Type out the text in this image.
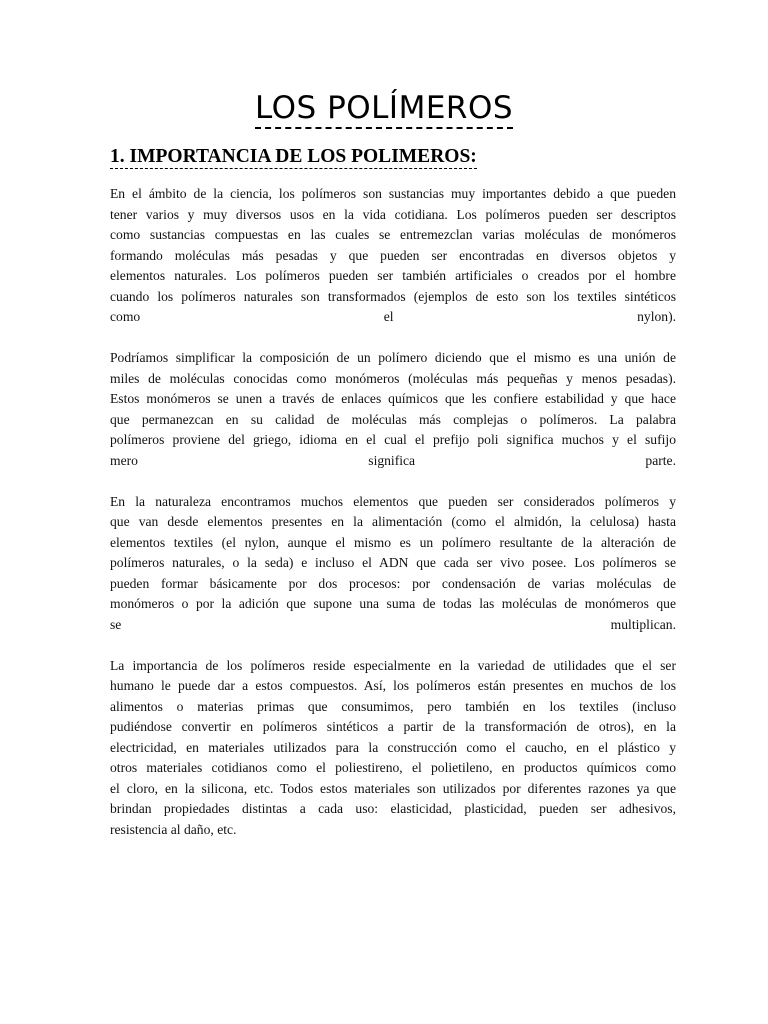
LOS POLÍMEROS
1. IMPORTANCIA DE LOS POLIMEROS:

En el ámbito de la ciencia, los polímeros son sustancias muy importantes debido a que pueden
tener varios y muy diversos usos en la vida cotidiana. Los polímeros pueden ser descriptos
como sustancias compuestas en las cuales se entremezclan varias moléculas de monómeros
formando moléculas más pesadas y que pueden ser encontradas en diversos objetos y
elementos naturales. Los polímeros pueden ser también artificiales o creados por el hombre
cuando los polímeros naturales son transformados (ejemplos de esto son los textiles sintéticos
como el nylon).

Podríamos simplificar la composición de un polímero diciendo que el mismo es una unión de
miles de moléculas conocidas como monómeros (moléculas más pequeñas y menos pesadas).
Estos monómeros se unen a través de enlaces químicos que les confiere estabilidad y que hace
que permanezcan en su calidad de moléculas más complejas o polímeros. La palabra
polímeros proviene del griego, idioma en el cual el prefijo poli significa muchos y el sufijo
mero significa parte.

En la naturaleza encontramos muchos elementos que pueden ser considerados polímeros y
que van desde elementos presentes en la alimentación (como el almidón, la celulosa) hasta
elementos textiles (el nylon, aunque el mismo es un polímero resultante de la alteración de
polímeros naturales, o la seda) e incluso el ADN que cada ser vivo posee. Los polímeros se
pueden formar básicamente por dos procesos: por condensación de varias moléculas de
monómeros o por la adición que supone una suma de todas las moléculas de monómeros que
se multiplican.

La importancia de los polímeros reside especialmente en la variedad de utilidades que el ser
humano le puede dar a estos compuestos. Así, los polímeros están presentes en muchos de los
alimentos o materias primas que consumimos, pero también en los textiles (incluso
pudiéndose convertir en polímeros sintéticos a partir de la transformación de otros), en la
electricidad, en materiales utilizados para la construcción como el caucho, en el plástico y
otros materiales cotidianos como el poliestireno, el polietileno, en productos químicos como
el cloro, en la silicona, etc. Todos estos materiales son utilizados por diferentes razones ya que
brindan propiedades distintas a cada uso: elasticidad, plasticidad, pueden ser adhesivos,
resistencia al daño, etc.
